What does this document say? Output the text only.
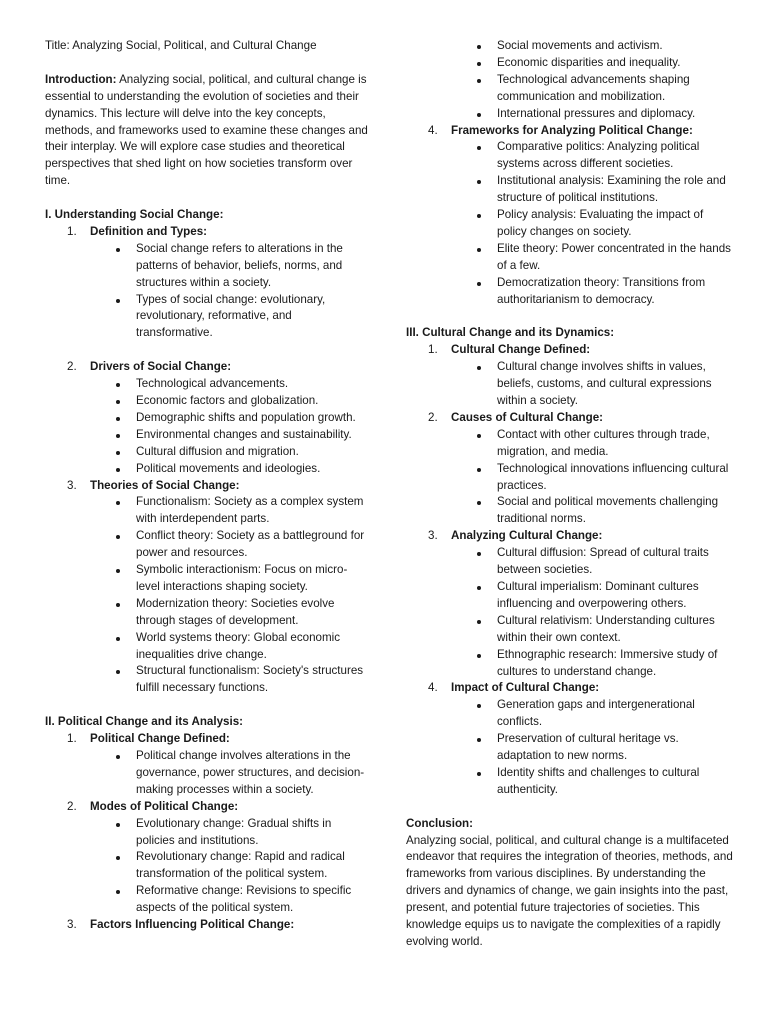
Title: Analyzing Social, Political, and Cultural Change

Introduction: Analyzing social, political, and cultural change is essential to understanding the evolution of societies and their dynamics. This lecture will delve into the key concepts, methods, and frameworks used to examine these changes and their interplay. We will explore case studies and theoretical perspectives that shed light on how societies transform over time.

I. Understanding Social Change:

1. Definition and Types:
Social change refers to alterations in the patterns of behavior, beliefs, norms, and structures within a society.
Types of social change: evolutionary, revolutionary, reformative, and transformative.
2. Drivers of Social Change:
Technological advancements.
Economic factors and globalization.
Demographic shifts and population growth.
Environmental changes and sustainability.
Cultural diffusion and migration.
Political movements and ideologies.
3. Theories of Social Change:
Functionalism: Society as a complex system with interdependent parts.
Conflict theory: Society as a battleground for power and resources.
Symbolic interactionism: Focus on micro-level interactions shaping society.
Modernization theory: Societies evolve through stages of development.
World systems theory: Global economic inequalities drive change.
Structural functionalism: Society's structures fulfill necessary functions.

II. Political Change and its Analysis:

1. Political Change Defined:
Political change involves alterations in the governance, power structures, and decision-making processes within a society.
2. Modes of Political Change:
Evolutionary change: Gradual shifts in policies and institutions.
Revolutionary change: Rapid and radical transformation of the political system.
Reformative change: Revisions to specific aspects of the political system.
3. Factors Influencing Political Change:
Social movements and activism.
Economic disparities and inequality.
Technological advancements shaping communication and mobilization.
International pressures and diplomacy.
4. Frameworks for Analyzing Political Change:
Comparative politics: Analyzing political systems across different societies.
Institutional analysis: Examining the role and structure of political institutions.
Policy analysis: Evaluating the impact of policy changes on society.
Elite theory: Power concentrated in the hands of a few.
Democratization theory: Transitions from authoritarianism to democracy.

III. Cultural Change and its Dynamics:

1. Cultural Change Defined:
Cultural change involves shifts in values, beliefs, customs, and cultural expressions within a society.
2. Causes of Cultural Change:
Contact with other cultures through trade, migration, and media.
Technological innovations influencing cultural practices.
Social and political movements challenging traditional norms.
3. Analyzing Cultural Change:
Cultural diffusion: Spread of cultural traits between societies.
Cultural imperialism: Dominant cultures influencing and overpowering others.
Cultural relativism: Understanding cultures within their own context.
Ethnographic research: Immersive study of cultures to understand change.
4. Impact of Cultural Change:
Generation gaps and intergenerational conflicts.
Preservation of cultural heritage vs. adaptation to new norms.
Identity shifts and challenges to cultural authenticity.

Conclusion:

Analyzing social, political, and cultural change is a multifaceted endeavor that requires the integration of theories, methods, and frameworks from various disciplines. By understanding the drivers and dynamics of change, we gain insights into the past, present, and potential future trajectories of societies. This knowledge equips us to navigate the complexities of a rapidly evolving world.
